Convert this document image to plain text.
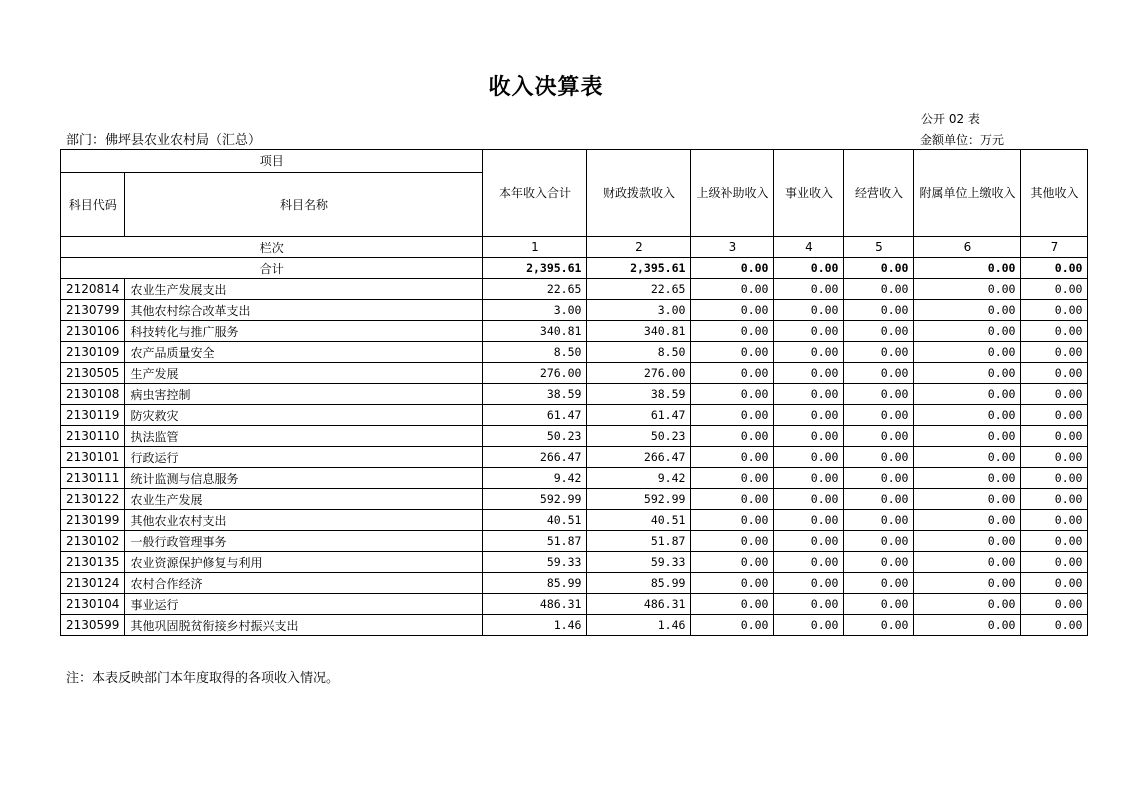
收入决算表
公开 02 表
部门：佛坪县农业农村局（汇总）	金额单位：万元
项目		本年收入合计	财政拨款收入	上级补助收入	事业收入	经营收入	附属单位上缴收入	其他收入
科目代码	科目名称							
栏次		1	2	3	4	5	6	7
合计		2,395.61	2,395.61	0.00	0.00	0.00	0.00	0.00
2120814	农业生产发展支出	22.65	22.65	0.00	0.00	0.00	0.00	0.00
2130799	其他农村综合改革支出	3.00	3.00	0.00	0.00	0.00	0.00	0.00
2130106	科技转化与推广服务	340.81	340.81	0.00	0.00	0.00	0.00	0.00
2130109	农产品质量安全	8.50	8.50	0.00	0.00	0.00	0.00	0.00
2130505	生产发展	276.00	276.00	0.00	0.00	0.00	0.00	0.00
2130108	病虫害控制	38.59	38.59	0.00	0.00	0.00	0.00	0.00
2130119	防灾救灾	61.47	61.47	0.00	0.00	0.00	0.00	0.00
2130110	执法监管	50.23	50.23	0.00	0.00	0.00	0.00	0.00
2130101	行政运行	266.47	266.47	0.00	0.00	0.00	0.00	0.00
2130111	统计监测与信息服务	9.42	9.42	0.00	0.00	0.00	0.00	0.00
2130122	农业生产发展	592.99	592.99	0.00	0.00	0.00	0.00	0.00
2130199	其他农业农村支出	40.51	40.51	0.00	0.00	0.00	0.00	0.00
2130102	一般行政管理事务	51.87	51.87	0.00	0.00	0.00	0.00	0.00
2130135	农业资源保护修复与利用	59.33	59.33	0.00	0.00	0.00	0.00	0.00
2130124	农村合作经济	85.99	85.99	0.00	0.00	0.00	0.00	0.00
2130104	事业运行	486.31	486.31	0.00	0.00	0.00	0.00	0.00
2130599	其他巩固脱贫衔接乡村振兴支出	1.46	1.46	0.00	0.00	0.00	0.00	0.00
注：本表反映部门本年度取得的各项收入情况。
